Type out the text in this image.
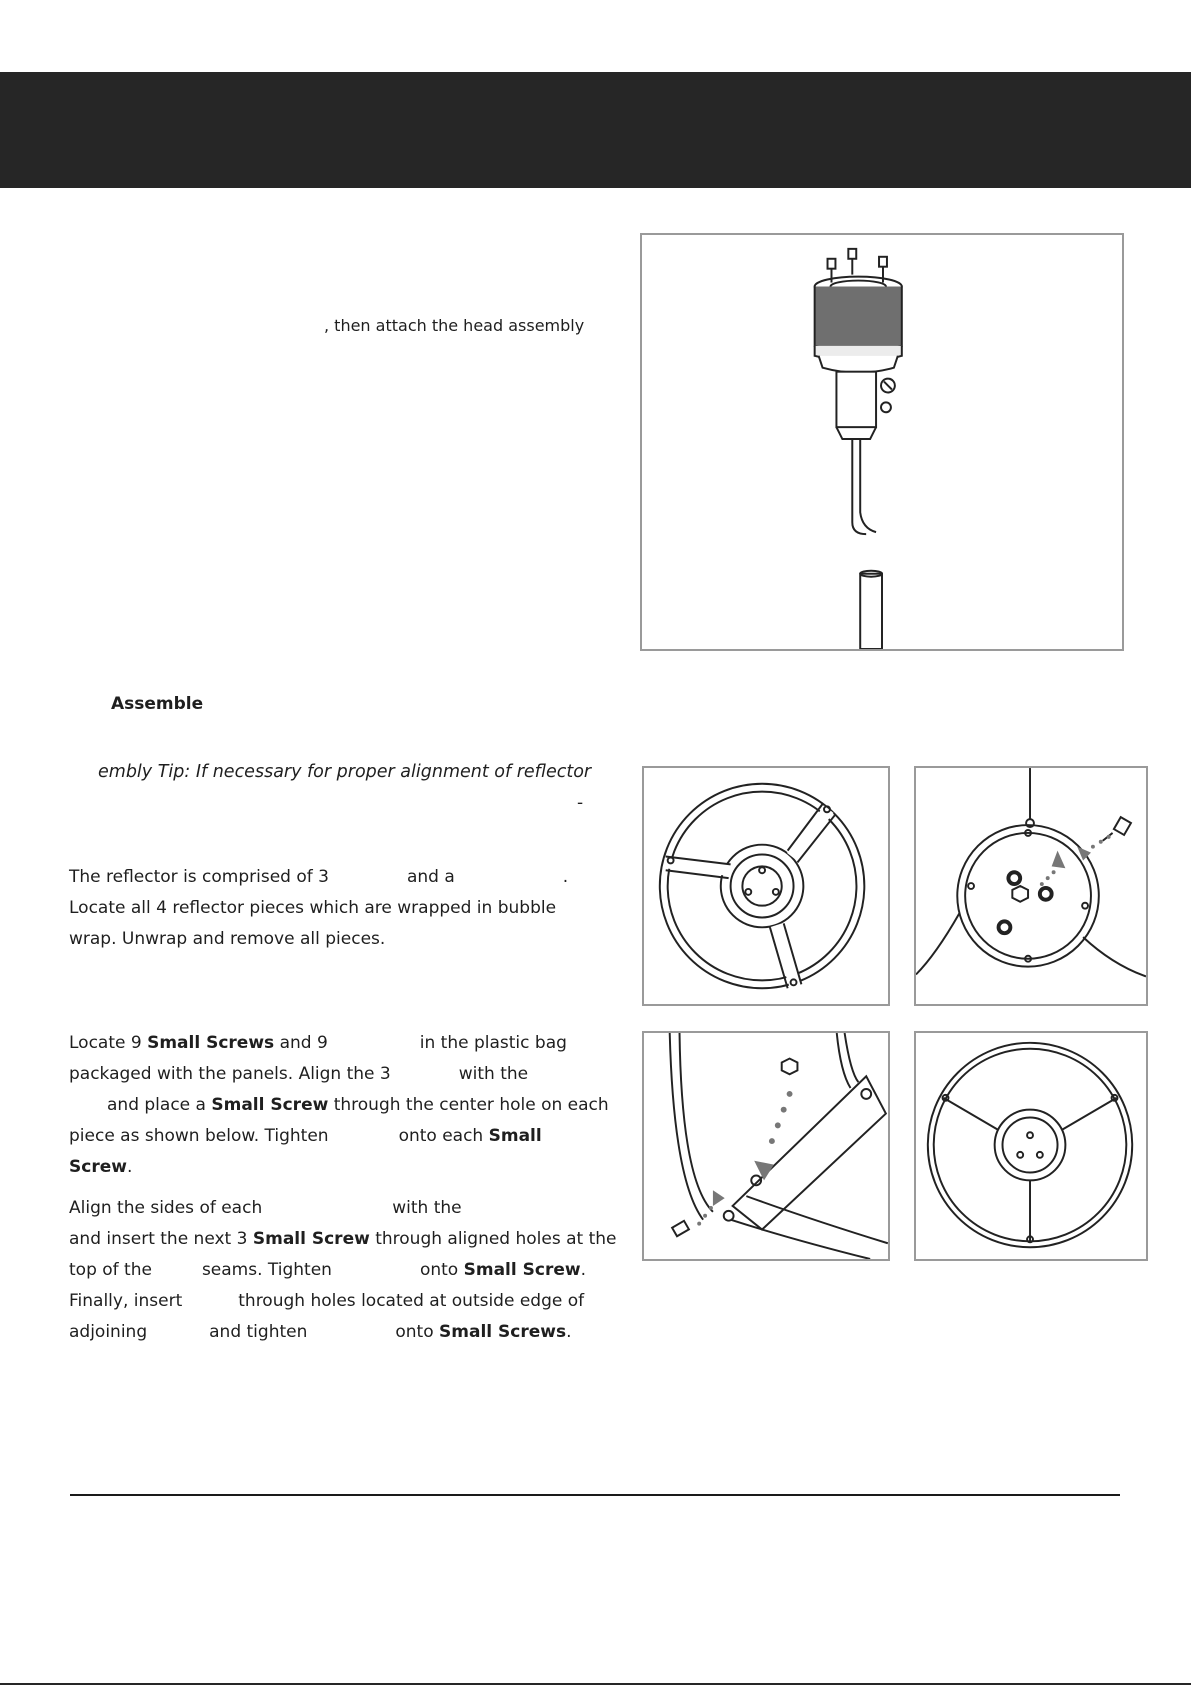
, then attach the head assembly
Assemble
embly Tip: If necessary for proper alignment of reflector
-
The reflector is comprised of 3	and a	.
Locate all 4 reflector pieces which are wrapped in bubble
wrap. Unwrap and remove all pieces.
Locate 9 Small Screws and 9	in the plastic bag
packaged with the panels. Align the 3	with the
and place a Small Screw through the center hole on each
piece as shown below. Tighten	onto each Small
Screw.
Align the sides of each	with the
and insert the next 3 Small Screw through aligned holes at the
top of the	seams. Tighten	onto Small Screw.
Finally, insert	through holes located at outside edge of
adjoining	and tighten	onto Small Screws.
